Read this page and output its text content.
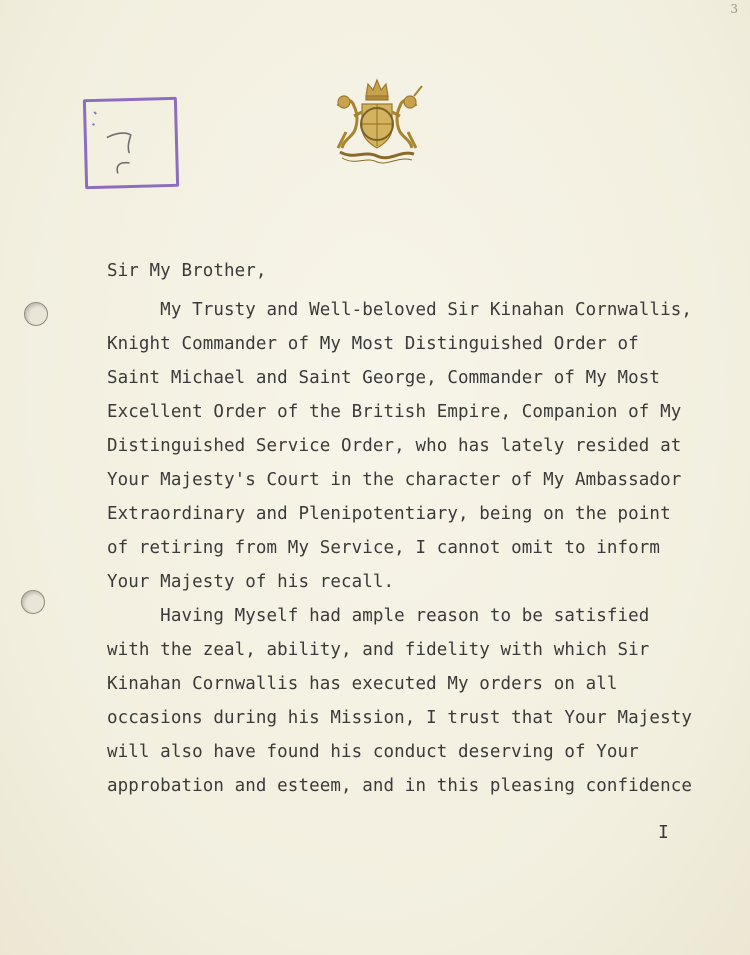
3

Sir My Brother,

My Trusty and Well-beloved Sir Kinahan Cornwallis,

Knight Commander of My Most Distinguished Order of

Saint Michael and Saint George, Commander of My Most

Excellent Order of the British Empire, Companion of My

Distinguished Service Order, who has lately resided at

Your Majesty's Court in the character of My Ambassador

Extraordinary and Plenipotentiary, being on the point

of retiring from My Service, I cannot omit to inform

Your Majesty of his recall.

Having Myself had ample reason to be satisfied

with the zeal, ability, and fidelity with which Sir

Kinahan Cornwallis has executed My orders on all

occasions during his Mission, I trust that Your Majesty

will also have found his conduct deserving of Your

approbation and esteem, and in this pleasing confidence

I
